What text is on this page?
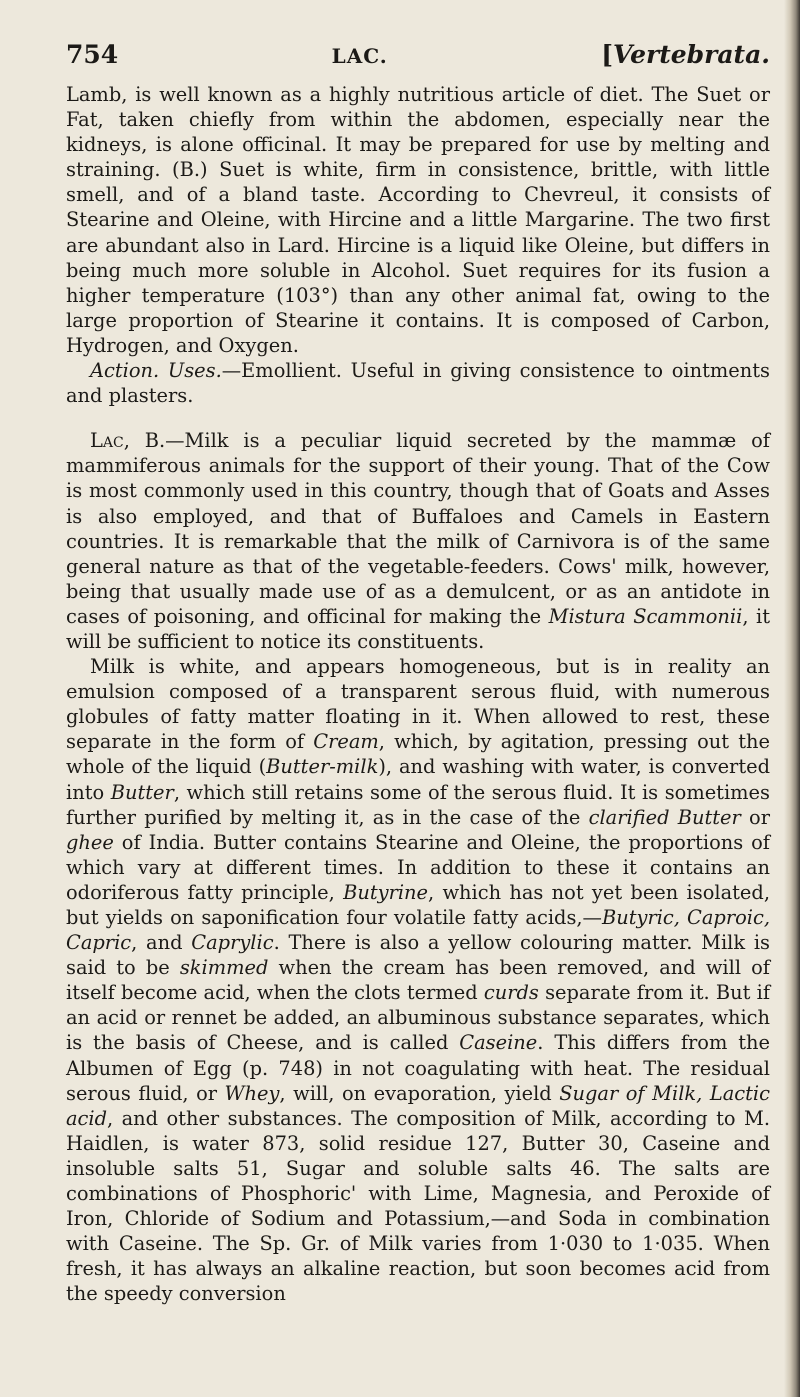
754	LAC.	[Vertebrata.

Lamb, is well known as a highly nutritious article of diet. The Suet or Fat, taken chiefly from within the abdomen, especially near the kidneys, is alone officinal. It may be prepared for use by melting and straining. (B.) Suet is white, firm in consistence, brittle, with little smell, and of a bland taste. According to Chevreul, it consists of Stearine and Oleine, with Hircine and a little Margarine. The two first are abundant also in Lard. Hircine is a liquid like Oleine, but differs in being much more soluble in Alcohol. Suet requires for its fusion a higher temperature (103°) than any other animal fat, owing to the large proportion of Stearine it contains. It is composed of Carbon, Hydrogen, and Oxygen.

Action. Uses.—Emollient. Useful in giving consistence to ointments and plasters.

Lac, B.—Milk is a peculiar liquid secreted by the mammæ of mammiferous animals for the support of their young. That of the Cow is most commonly used in this country, though that of Goats and Asses is also employed, and that of Buffaloes and Camels in Eastern countries. It is remarkable that the milk of Carnivora is of the same general nature as that of the vegetable-feeders. Cows' milk, however, being that usually made use of as a demulcent, or as an antidote in cases of poisoning, and officinal for making the Mistura Scammonii, it will be sufficient to notice its constituents.

Milk is white, and appears homogeneous, but is in reality an emulsion composed of a transparent serous fluid, with numerous globules of fatty matter floating in it. When allowed to rest, these separate in the form of Cream, which, by agitation, pressing out the whole of the liquid (Butter-milk), and washing with water, is converted into Butter, which still retains some of the serous fluid. It is sometimes further purified by melting it, as in the case of the clarified Butter or ghee of India. Butter contains Stearine and Oleine, the proportions of which vary at different times. In addition to these it contains an odoriferous fatty principle, Butyrine, which has not yet been isolated, but yields on saponification four volatile fatty acids,—Butyric, Caproic, Capric, and Caprylic. There is also a yellow colouring matter. Milk is said to be skimmed when the cream has been removed, and will of itself become acid, when the clots termed curds separate from it. But if an acid or rennet be added, an albuminous substance separates, which is the basis of Cheese, and is called Caseine. This differs from the Albumen of Egg (p. 748) in not coagulating with heat. The residual serous fluid, or Whey, will, on evaporation, yield Sugar of Milk, Lactic acid, and other substances. The composition of Milk, according to M. Haidlen, is water 873, solid residue 127, Butter 30, Caseine and insoluble salts 51, Sugar and soluble salts 46. The salts are combinations of Phosphoric' with Lime, Magnesia, and Peroxide of Iron, Chloride of Sodium and Potassium,—and Soda in combination with Caseine. The Sp. Gr. of Milk varies from 1·030 to 1·035. When fresh, it has always an alkaline reaction, but soon becomes acid from the speedy conversion
